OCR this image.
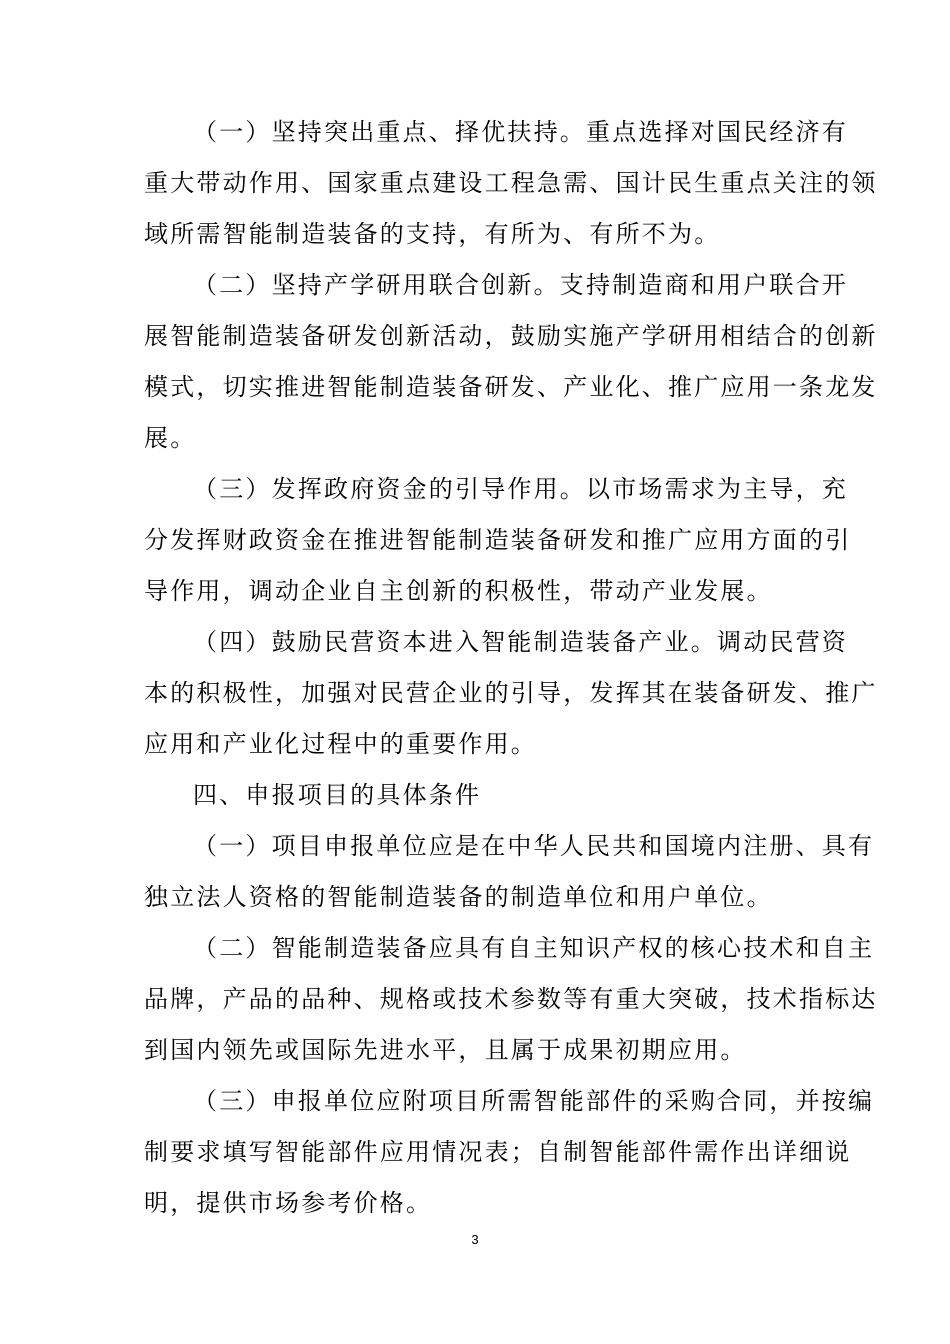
（一）坚持突出重点、择优扶持。重点选择对国民经济有
重大带动作用、国家重点建设工程急需、国计民生重点关注的领
域所需智能制造装备的支持，有所为、有所不为。
（二）坚持产学研用联合创新。支持制造商和用户联合开
展智能制造装备研发创新活动，鼓励实施产学研用相结合的创新
模式，切实推进智能制造装备研发、产业化、推广应用一条龙发
展。
（三）发挥政府资金的引导作用。以市场需求为主导，充
分发挥财政资金在推进智能制造装备研发和推广应用方面的引
导作用，调动企业自主创新的积极性，带动产业发展。
（四）鼓励民营资本进入智能制造装备产业。调动民营资
本的积极性，加强对民营企业的引导，发挥其在装备研发、推广
应用和产业化过程中的重要作用。
四、申报项目的具体条件
（一）项目申报单位应是在中华人民共和国境内注册、具有
独立法人资格的智能制造装备的制造单位和用户单位。
（二）智能制造装备应具有自主知识产权的核心技术和自主
品牌，产品的品种、规格或技术参数等有重大突破，技术指标达
到国内领先或国际先进水平，且属于成果初期应用。
（三）申报单位应附项目所需智能部件的采购合同，并按编
制要求填写智能部件应用情况表；自制智能部件需作出详细说
明，提供市场参考价格。
3
